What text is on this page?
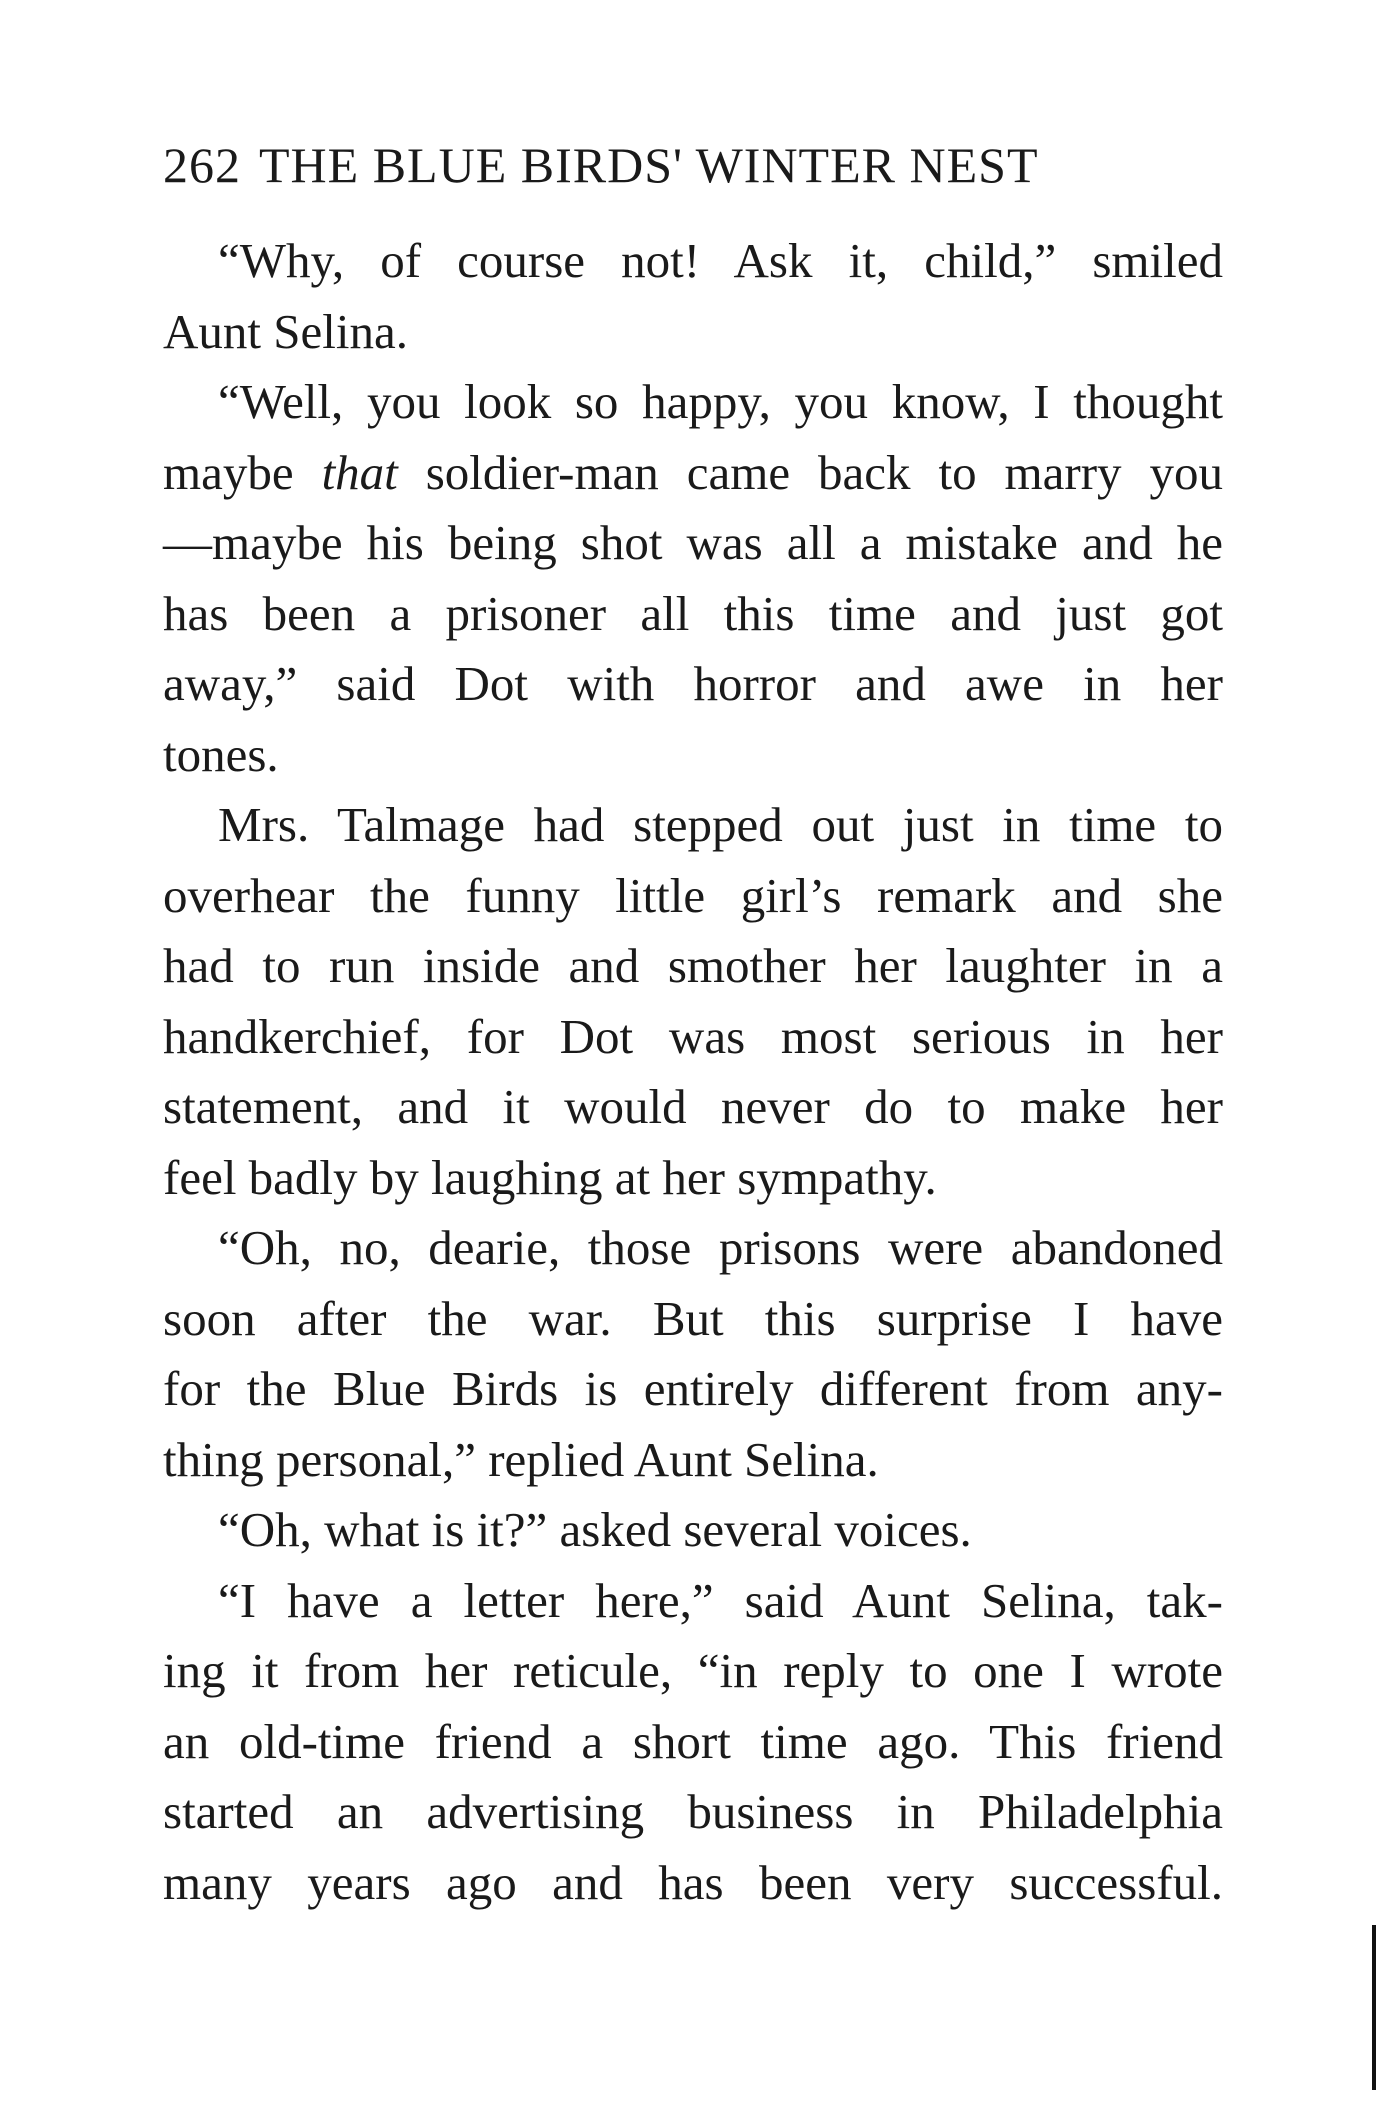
262 THE BLUE BIRDS' WINTER NEST
“Why, of course not! Ask it, child,” smiled
Aunt Selina.
“Well, you look so happy, you know, I thought
maybe that soldier-man came back to marry you
—maybe his being shot was all a mistake and he
has been a prisoner all this time and just got
away,” said Dot with horror and awe in her
tones.
Mrs. Talmage had stepped out just in time to
overhear the funny little girl’s remark and she
had to run inside and smother her laughter in a
handkerchief, for Dot was most serious in her
statement, and it would never do to make her
feel badly by laughing at her sympathy.
“Oh, no, dearie, those prisons were abandoned
soon after the war. But this surprise I have
for the Blue Birds is entirely different from any-
thing personal,” replied Aunt Selina.
“Oh, what is it?” asked several voices.
“I have a letter here,” said Aunt Selina, tak-
ing it from her reticule, “in reply to one I wrote
an old-time friend a short time ago. This friend
started an advertising business in Philadelphia
many years ago and has been very successful.
